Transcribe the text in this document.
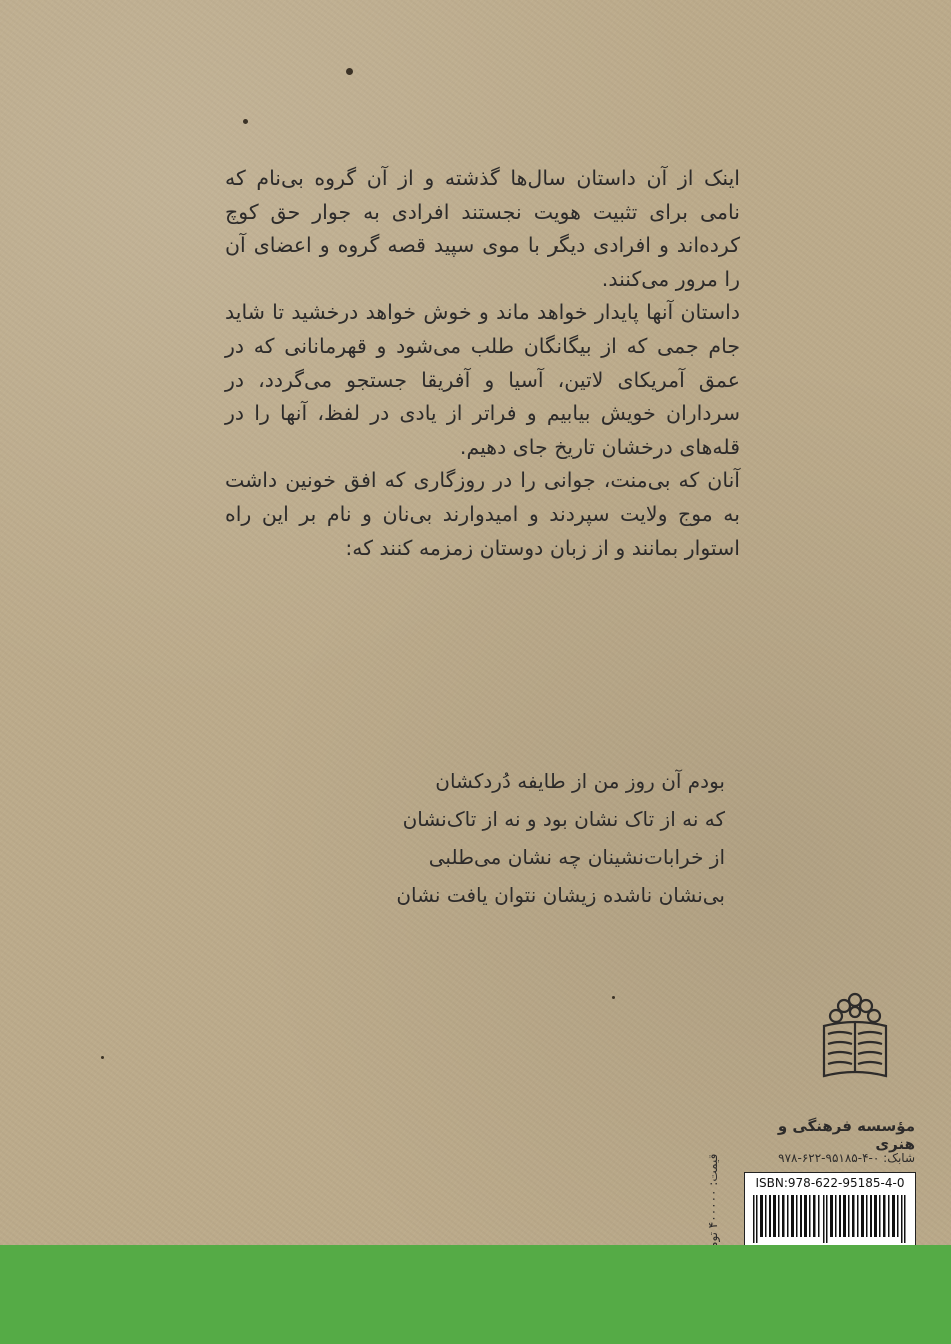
اینک از آن داستان سال‌ها گذشته و از آن گروه بی‌نام که نامی برای تثبیت هویت نجستند افرادی به جوار حق کوچ کرده‌اند و افرادی دیگر با موی سپید قصه گروه و اعضای آن را مرور می‌کنند.

داستان آنها پایدار خواهد ماند و خوش خواهد درخشید تا شاید جام جمی که از بیگانگان طلب می‌شود و قهرمانانی که در عمق آمریکای لاتین، آسیا و آفریقا جستجو می‌گردد، در سرداران خویش بیابیم و فراتر از یادی در لفظ، آنها را در قله‌های درخشان تاریخ جای دهیم.

آنان که بی‌منت، جوانی را در روزگاری که افق خونین داشت به موج ولایت سپردند و امیدوارند بی‌نان و نام بر این راه استوار بمانند و از زبان دوستان زمزمه کنند که:

بودم آن روز من از طایفه دُردکشان
که نه از تاک نشان بود و نه از تاک‌نشان
از خرابات‌نشینان چه نشان می‌طلبی
بی‌نشان ناشده زیشان نتوان یافت نشان
مؤسسه فرهنگی و هنری
شابک: ۰-۴-۹۵۱۸۵-۶۲۲-۹۷۸
قیمت: ۴۰۰۰۰۰
ISBN:978-622-95185-4-0
